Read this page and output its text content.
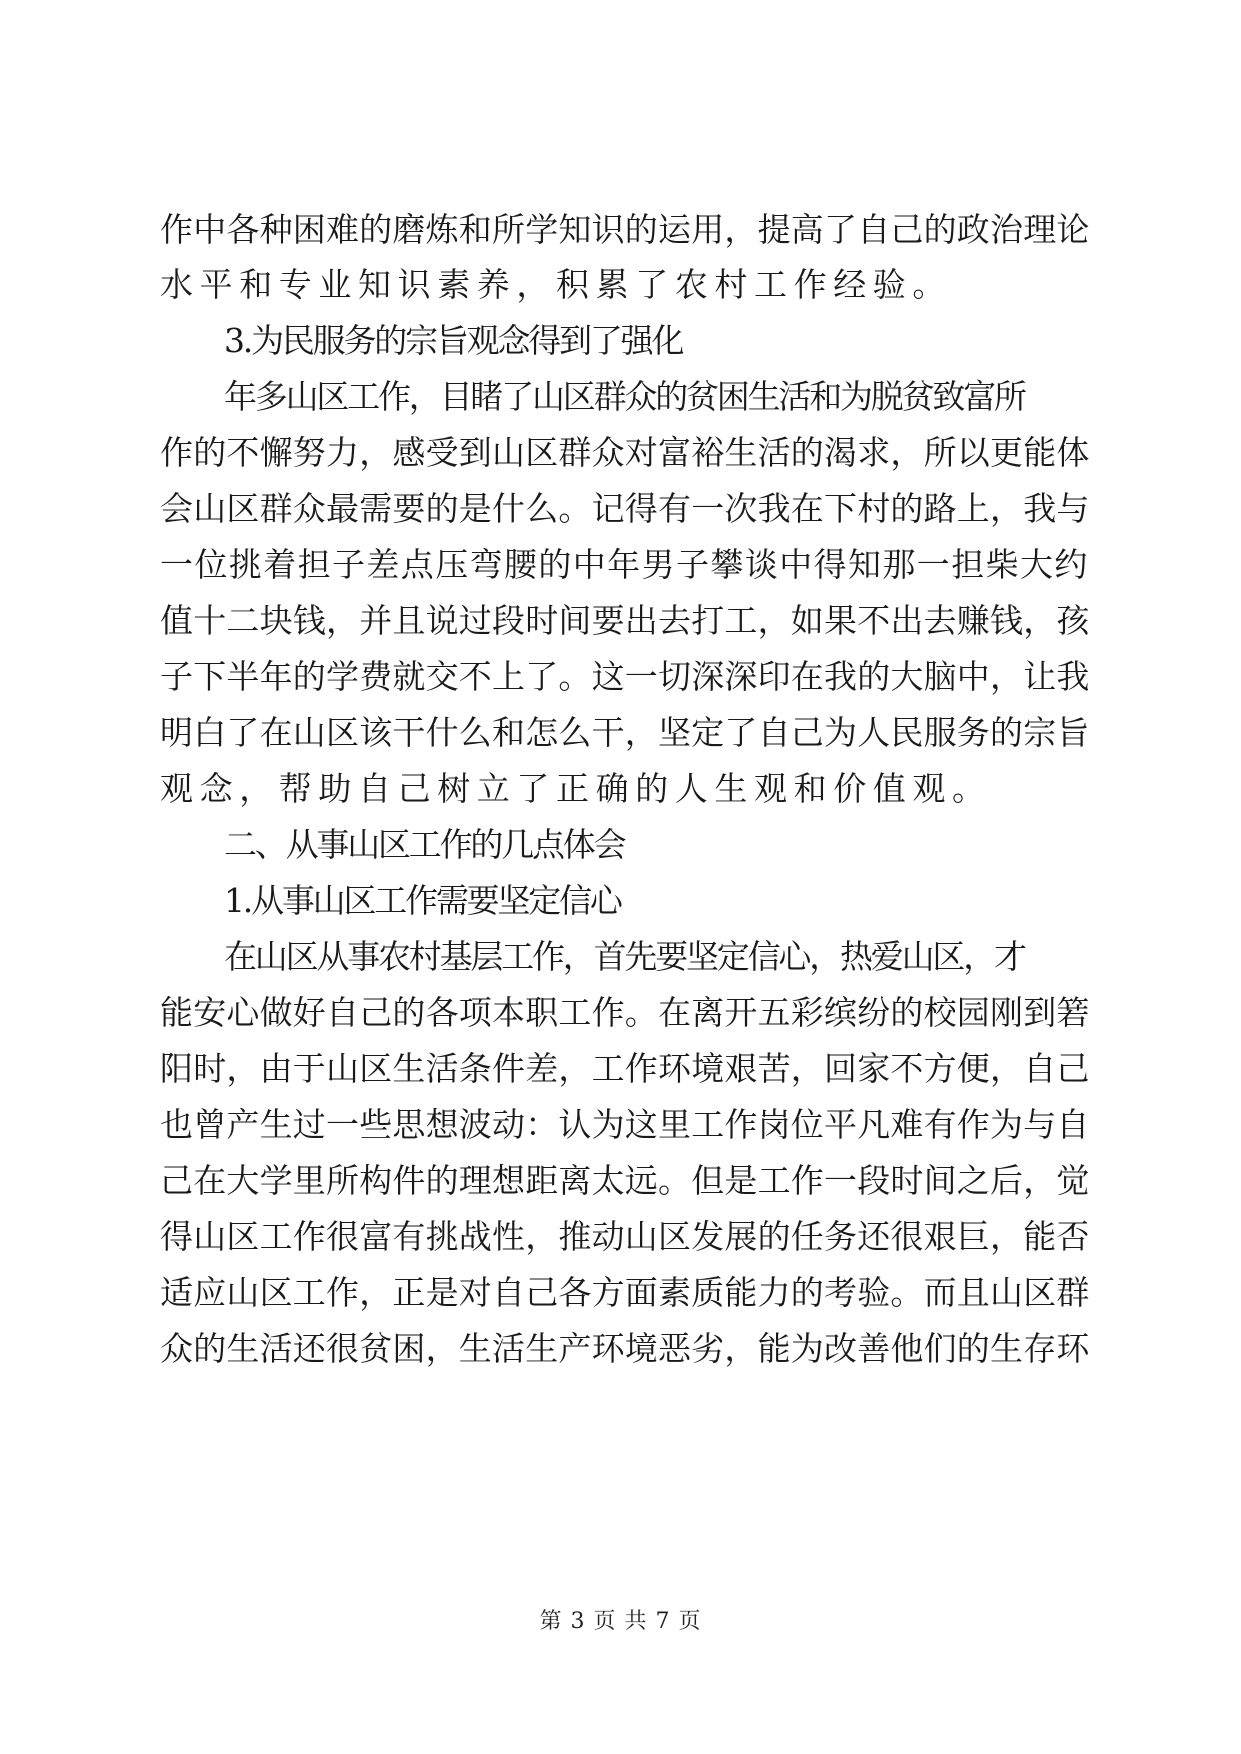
作中各种困难的磨炼和所学知识的运用，提高了自己的政治理论
水平和专业知识素养，积累了农村工作经验。
3.为民服务的宗旨观念得到了强化
年多山区工作，目睹了山区群众的贫困生活和为脱贫致富所
作的不懈努力，感受到山区群众对富裕生活的渴求，所以更能体
会山区群众最需要的是什么。记得有一次我在下村的路上，我与
一位挑着担子差点压弯腰的中年男子攀谈中得知那一担柴大约
值十二块钱，并且说过段时间要出去打工，如果不出去赚钱，孩
子下半年的学费就交不上了。这一切深深印在我的大脑中，让我
明白了在山区该干什么和怎么干，坚定了自己为人民服务的宗旨
观念，帮助自己树立了正确的人生观和价值观。
二、从事山区工作的几点体会
1.从事山区工作需要坚定信心
在山区从事农村基层工作，首先要坚定信心，热爱山区，才
能安心做好自己的各项本职工作。在离开五彩缤纷的校园刚到箬
阳时，由于山区生活条件差，工作环境艰苦，回家不方便，自己
也曾产生过一些思想波动：认为这里工作岗位平凡难有作为与自
己在大学里所构件的理想距离太远。但是工作一段时间之后，觉
得山区工作很富有挑战性，推动山区发展的任务还很艰巨，能否
适应山区工作，正是对自己各方面素质能力的考验。而且山区群
众的生活还很贫困，生活生产环境恶劣，能为改善他们的生存环
第 3 页 共 7 页
